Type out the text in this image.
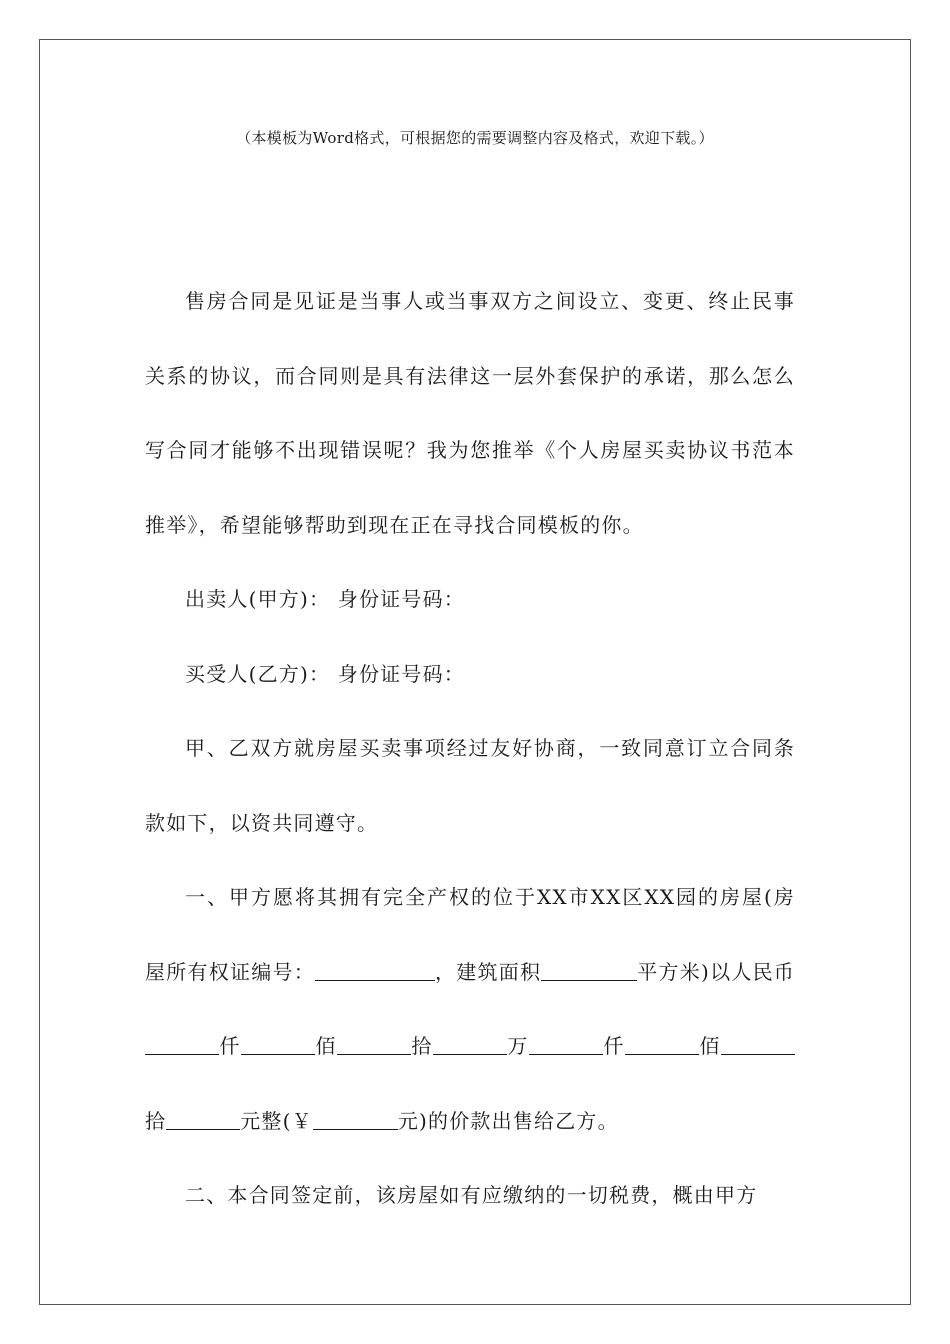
（本模板为Word格式，可根据您的需要调整内容及格式，欢迎下载。）

售房合同是见证是当事人或当事双方之间设立、变更、终止民事关系的协议，而合同则是具有法律这一层外套保护的承诺，那么怎么写合同才能够不出现错误呢？我为您推举《个人房屋买卖协议书范本推举》，希望能够帮助到现在正在寻找合同模板的你。

出卖人(甲方)： 身份证号码：

买受人(乙方)： 身份证号码：

甲、乙双方就房屋买卖事项经过友好协商，一致同意订立合同条款如下，以资共同遵守。

一、甲方愿将其拥有完全产权的位于XX市XX区XX园的房屋(房屋所有权证编号：	，建筑面积	平方米)以人民币仟	佰	拾	万	仟	佰拾	元整(￥	元)的价款出售给乙方。

二、本合同签定前，该房屋如有应缴纳的一切税费，概由甲方
